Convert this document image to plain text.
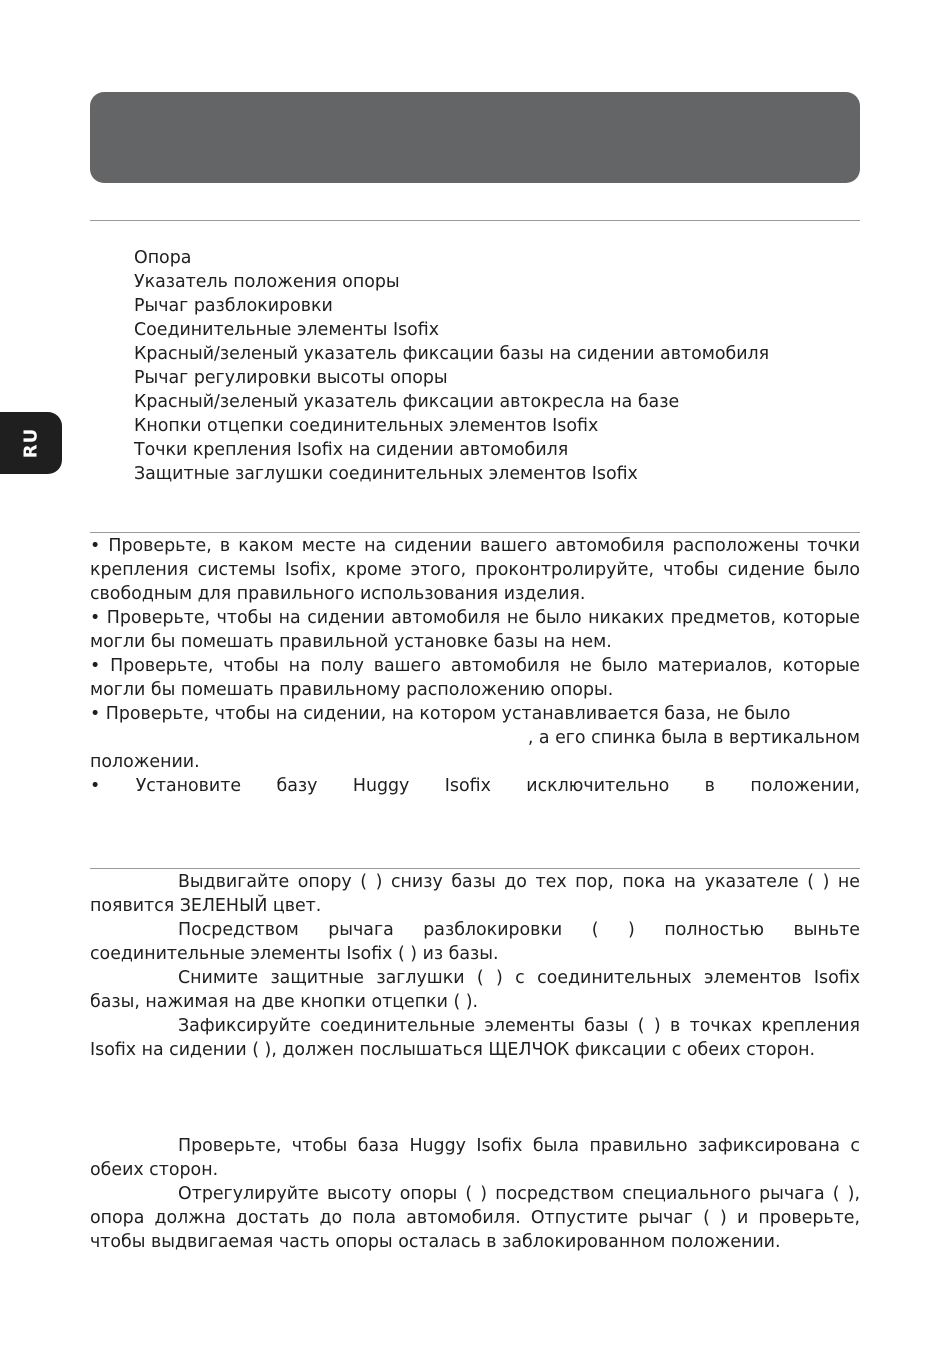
RU
Опора
Указатель положения опоры
Рычаг разблокировки
Соединительные элементы Isofix
Красный/зеленый указатель фиксации базы на сидении автомобиля
Рычаг регулировки высоты опоры
Красный/зеленый указатель фиксации автокресла на базе
Кнопки отцепки соединительных элементов Isofix
Точки крепления Isofix на сидении автомобиля
Защитные заглушки соединительных элементов Isofix

• Проверьте, в каком месте на сидении вашего автомобиля расположены точки крепления системы Isofix, кроме этого, проконтролируйте, чтобы сидение было свободным для правильного использования изделия.

• Проверьте, чтобы на сидении автомобиля не было никаких предметов, которые могли бы помешать правильной установке базы на нем.

• Проверьте, чтобы на полу вашего автомобиля не было материалов, которые могли бы помешать правильному расположению опоры.

• Проверьте, чтобы на сидении, на котором устанавливается база, не было

, а его спинка была в вертикальном

положении.

• Установите базу Huggy Isofix исключительно в положении,

Выдвигайте опору ( ) снизу базы до тех пор, пока на указателе ( ) не появится ЗЕЛЕНЫЙ цвет.

Посредством рычага разблокировки ( ) полностью выньте соединительные элементы Isofix ( ) из базы.

Снимите защитные заглушки ( ) с соединительных элементов Isofix базы, нажимая на две кнопки отцепки ( ).

Зафиксируйте соединительные элементы базы ( ) в точках крепления Isofix на сидении ( ), должен послышаться ЩЕЛЧОК фиксации с обеих сторон.

Проверьте, чтобы база Huggy Isofix была правильно зафиксирована с обеих сторон.

Отрегулируйте высоту опоры ( ) посредством специального рычага ( ), опора должна достать до пола автомобиля. Отпустите рычаг ( ) и проверьте, чтобы выдвигаемая часть опоры осталась в заблокированном положении.
